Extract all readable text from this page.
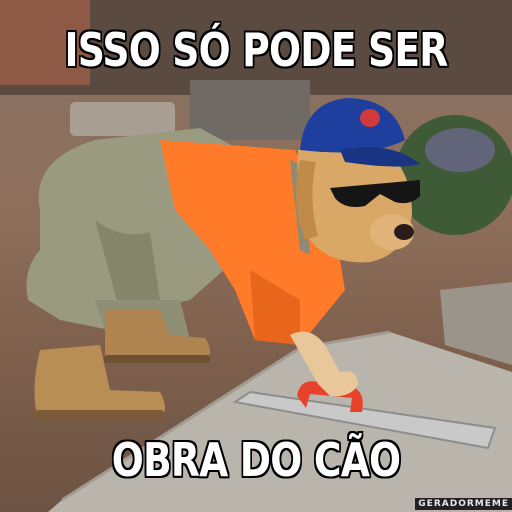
ISSO SÓ PODE SER
OBRA DO CÃO
GERADORMEME
